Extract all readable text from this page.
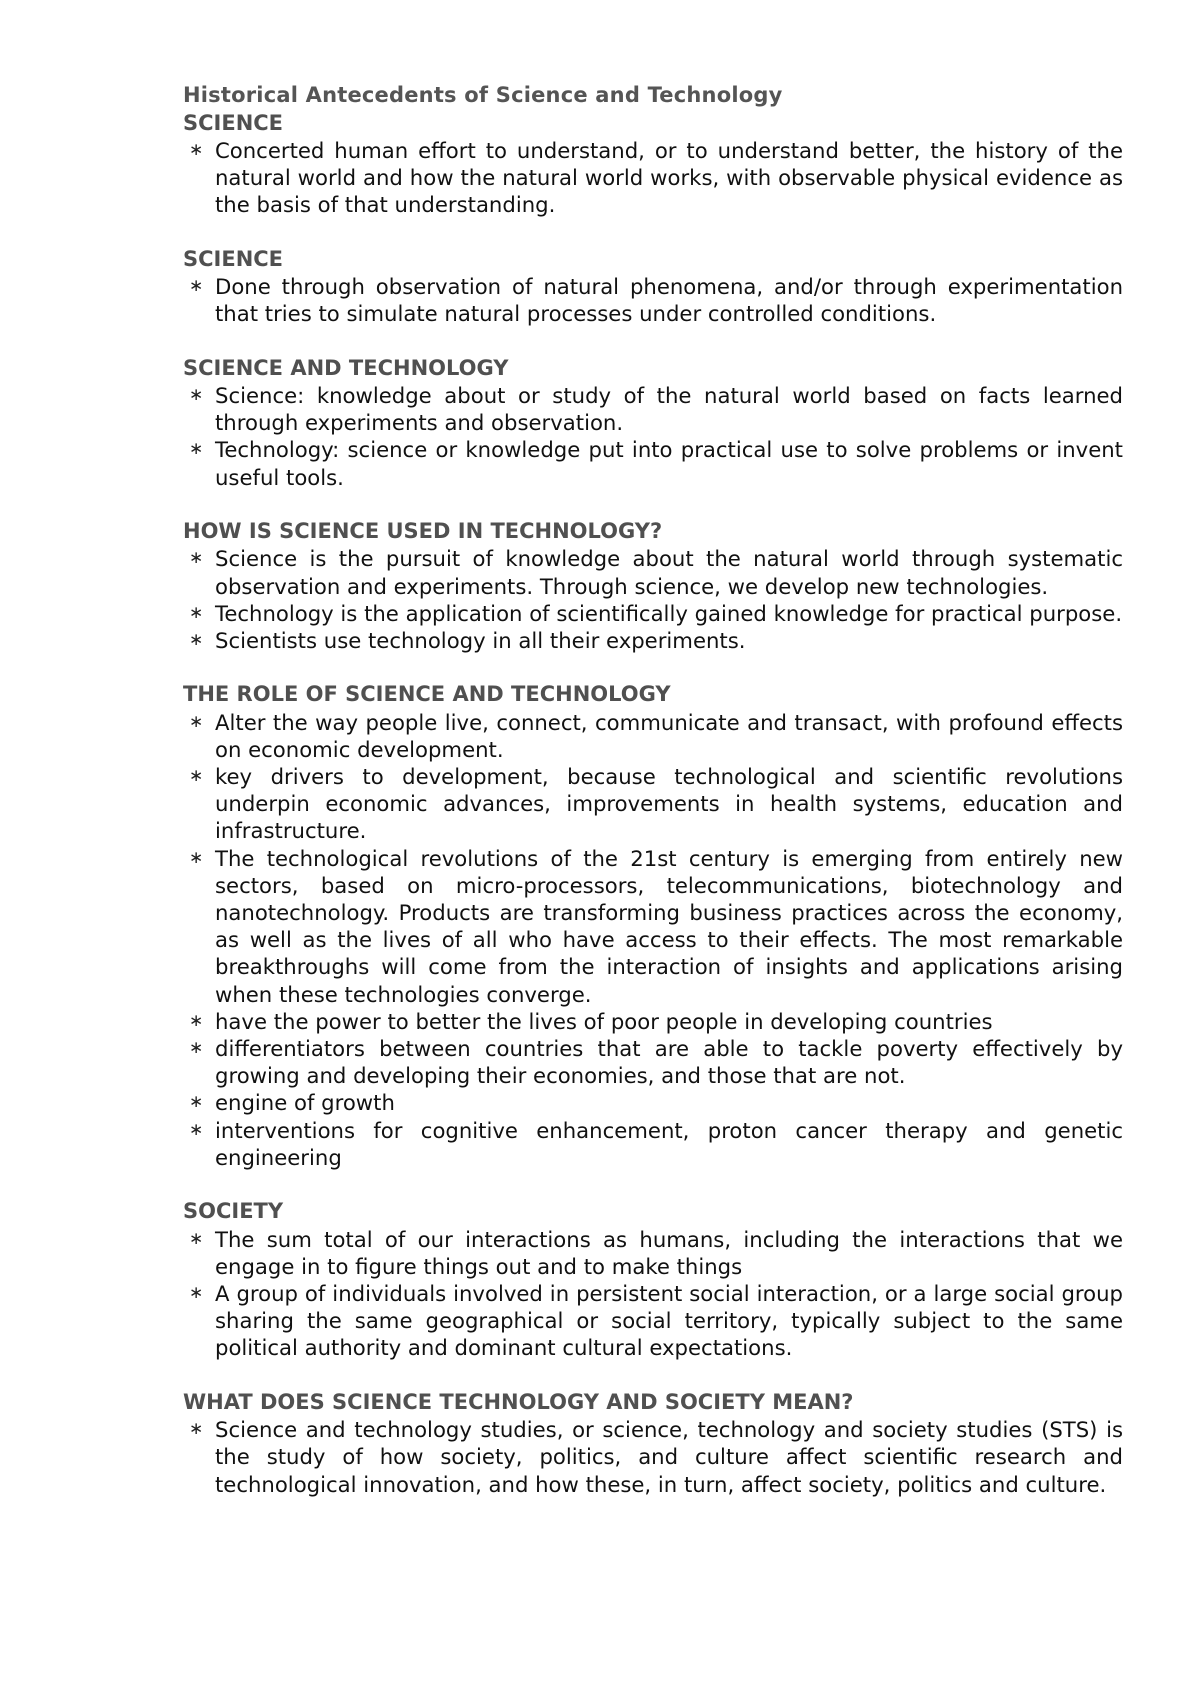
Historical Antecedents of Science and Technology
SCIENCE
∗ Concerted human effort to understand, or to understand better, the history of the natural world and how the natural world works, with observable physical evidence as the basis of that understanding.
SCIENCE
∗ Done through observation of natural phenomena, and/or through experimentation that tries to simulate natural processes under controlled conditions.
SCIENCE AND TECHNOLOGY
∗ Science: knowledge about or study of the natural world based on facts learned through experiments and observation.
∗ Technology: science or knowledge put into practical use to solve problems or invent useful tools.
HOW IS SCIENCE USED IN TECHNOLOGY?
∗ Science is the pursuit of knowledge about the natural world through systematic observation and experiments. Through science, we develop new technologies.
∗ Technology is the application of scientifically gained knowledge for practical purpose.
∗ Scientists use technology in all their experiments.
THE ROLE OF SCIENCE AND TECHNOLOGY
∗ Alter the way people live, connect, communicate and transact, with profound effects on economic development.
∗ key drivers to development, because technological and scientific revolutions underpin economic advances, improvements in health systems, education and infrastructure.
∗ The technological revolutions of the 21st century is emerging from entirely new sectors, based on micro-processors, telecommunications, biotechnology and nanotechnology. Products are transforming business practices across the economy, as well as the lives of all who have access to their effects. The most remarkable breakthroughs will come from the interaction of insights and applications arising when these technologies converge.
∗ have the power to better the lives of poor people in developing countries
∗ differentiators between countries that are able to tackle poverty effectively by growing and developing their economies, and those that are not.
∗ engine of growth
∗ interventions for cognitive enhancement, proton cancer therapy and genetic engineering
SOCIETY
∗ The sum total of our interactions as humans, including the interactions that we engage in to figure things out and to make things
∗ A group of individuals involved in persistent social interaction, or a large social group sharing the same geographical or social territory, typically subject to the same political authority and dominant cultural expectations.
WHAT DOES SCIENCE TECHNOLOGY AND SOCIETY MEAN?
∗ Science and technology studies, or science, technology and society studies (STS) is the study of how society, politics, and culture affect scientific research and technological innovation, and how these, in turn, affect society, politics and culture.
